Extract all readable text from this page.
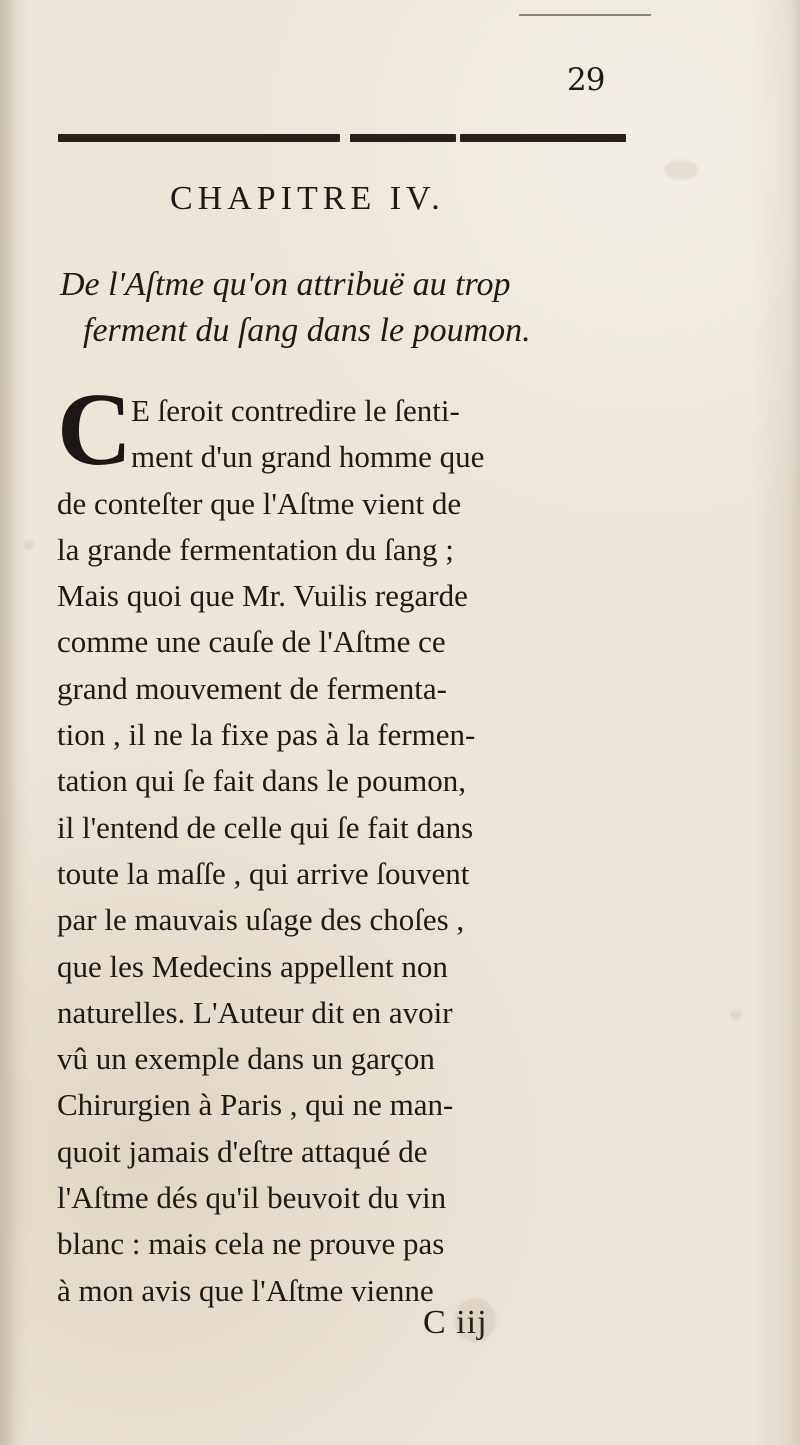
29
CHAPITRE IV.
De l'Aſtme qu'on attribuë au trop
ferment du ſang dans le poumon.
C
E ſeroit contredire le ſenti-
ment d'un grand homme que
de conteſter que l'Aſtme vient de
la grande fermentation du ſang ;
Mais quoi que Mr. Vuilis regarde
comme une cauſe de l'Aſtme ce
grand mouvement de fermenta-
tion , il ne la fixe pas à la fermen-
tation qui ſe fait dans le poumon,
il l'entend de celle qui ſe fait dans
toute la maſſe , qui arrive ſouvent
par le mauvais uſage des choſes ,
que les Medecins appellent non
naturelles. L'Auteur dit en avoir
vû un exemple dans un garçon
Chirurgien à Paris , qui ne man-
quoit jamais d'eſtre attaqué de
l'Aſtme dés qu'il beuvoit du vin
blanc : mais cela ne prouve pas
à mon avis que l'Aſtme vienne
C iij
